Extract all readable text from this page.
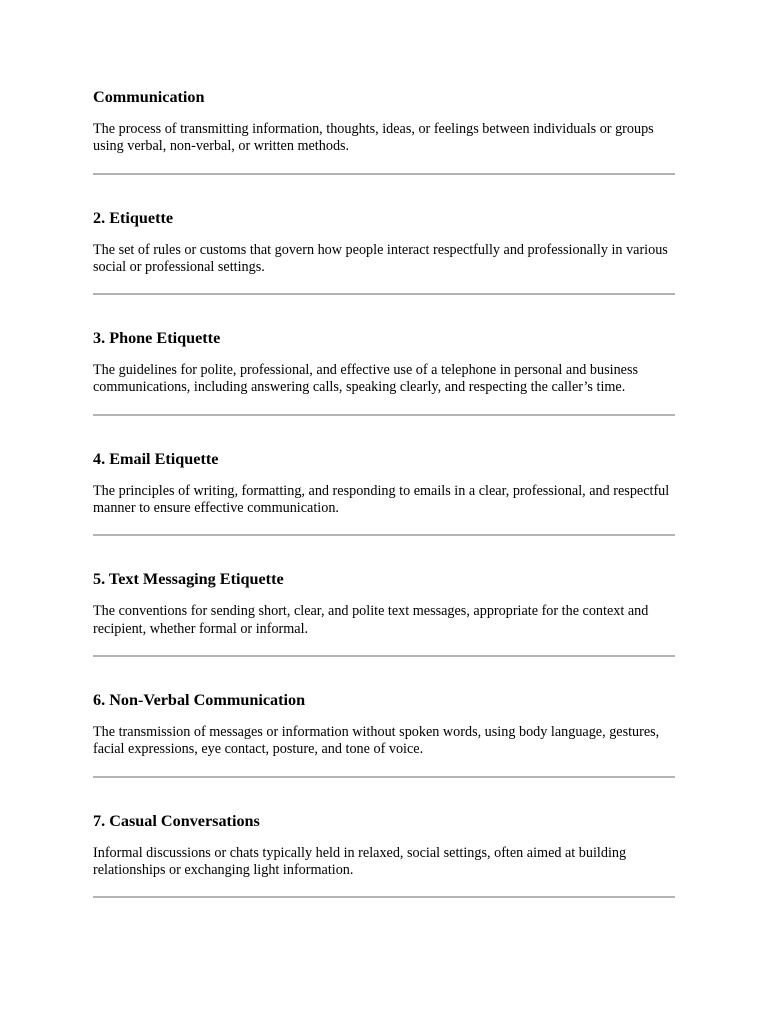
Communication

The process of transmitting information, thoughts, ideas, or feelings between individuals or groups using verbal, non-verbal, or written methods.

2. Etiquette

The set of rules or customs that govern how people interact respectfully and professionally in various social or professional settings.

3. Phone Etiquette

The guidelines for polite, professional, and effective use of a telephone in personal and business communications, including answering calls, speaking clearly, and respecting the caller’s time.

4. Email Etiquette

The principles of writing, formatting, and responding to emails in a clear, professional, and respectful manner to ensure effective communication.

5. Text Messaging Etiquette

The conventions for sending short, clear, and polite text messages, appropriate for the context and recipient, whether formal or informal.

6. Non-Verbal Communication

The transmission of messages or information without spoken words, using body language, gestures, facial expressions, eye contact, posture, and tone of voice.

7. Casual Conversations

Informal discussions or chats typically held in relaxed, social settings, often aimed at building relationships or exchanging light information.
